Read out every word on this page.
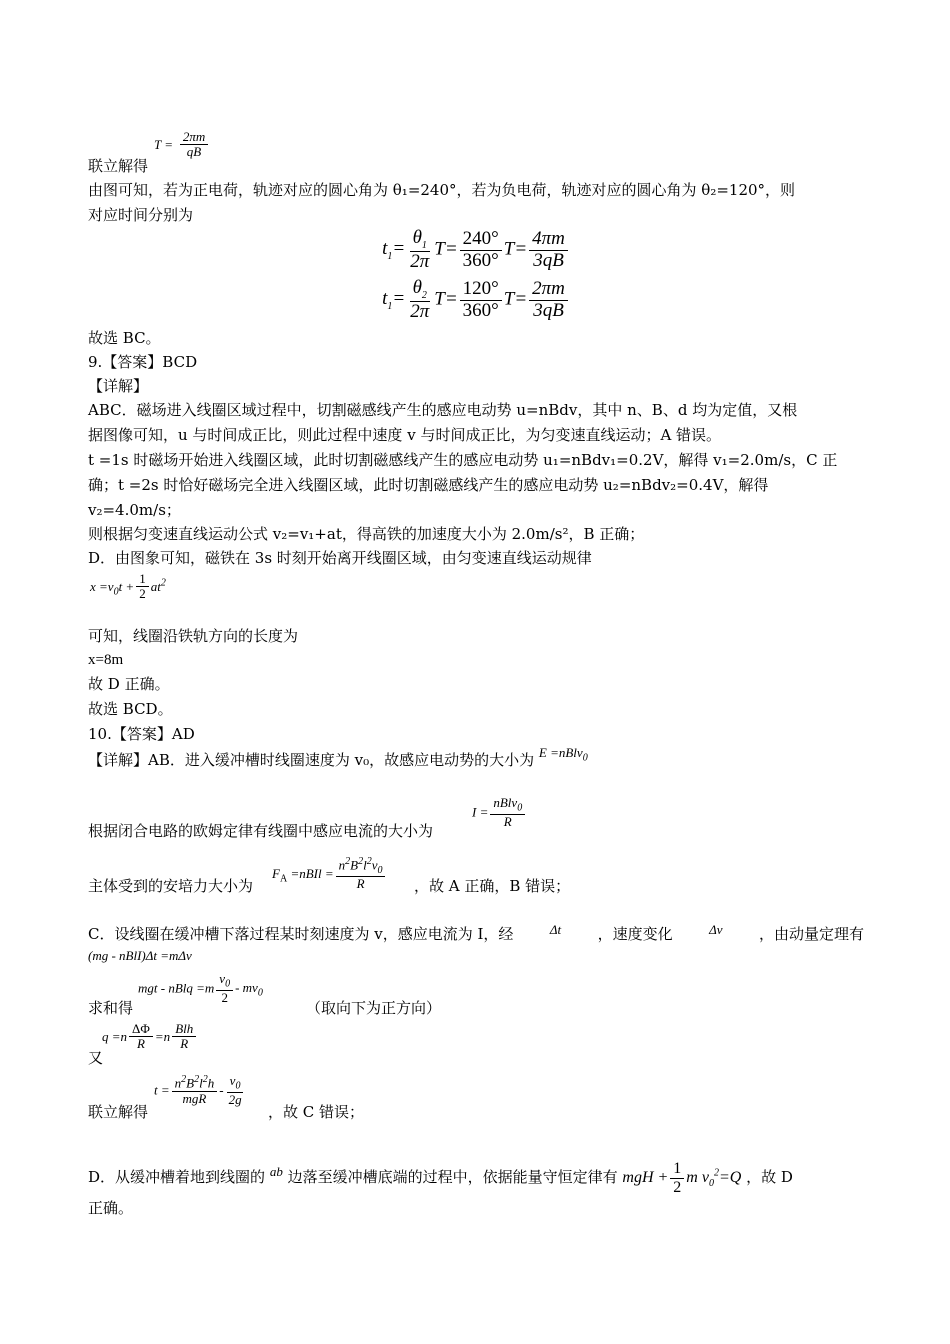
$T = \frac{2\pi m}{qB}$
联立解得
由图可知，若为正电荷，轨迹对应的圆心角为 θ₁=240°，若为负电荷，轨迹对应的圆心角为 θ₂=120°，则
对应时间分别为
$t_1= \frac{\theta_1}{2\pi} T= \frac{240^\circ}{360^\circ} T= \frac{4\pi m}{3qB}$
$t_1= \frac{\theta_2}{2\pi} T= \frac{120^\circ}{360^\circ} T= \frac{2\pi m}{3qB}$
故选 BC。
9.【答案】BCD
【详解】
ABC．磁场进入线圈区域过程中，切割磁感线产生的感应电动势 u=nBdv，其中 n、B、d 均为定值，又根
据图像可知，u 与时间成正比，则此过程中速度 v 与时间成正比，为匀变速直线运动；A 错误。
t =1s 时磁场开始进入线圈区域，此时切割磁感线产生的感应电动势 u₁=nBdv₁=0.2V，解得 v₁=2.0m/s，C 正
确；t =2s 时恰好磁场完全进入线圈区域，此时切割磁感线产生的感应电动势 u₂=nBdv₂=0.4V，解得
v₂=4.0m/s；
则根据匀变速直线运动公式 v₂=v₁+at，得高铁的加速度大小为 2.0m/s²，B 正确；
D．由图象可知，磁铁在 3s 时刻开始离开线圈区域，由匀变速直线运动规律
$x =v_0t + \frac{1}{2} at^2$
可知，线圈沿铁轨方向的长度为
x=8m
故 D 正确。
故选 BCD。
10.【答案】AD
【详解】AB．进入缓冲槽时线圈速度为 v₀，故感应电动势的大小为 E =nBlv$_0$
$I = \frac{nBlv_0}{R}$
根据闭合电路的欧姆定律有线圈中感应电流的大小为
$F_A$ =nBIl = $\frac{n^2B^2l^2v_0}{R}$
主体受到的安培力大小为	，故 A 正确，B 错误；
C．设线圈在缓冲槽下落过程某时刻速度为 v，感应电流为 I，经	Δt ，速度变化	Δv ，由动量定理有
(mg - nBlI)Δt =mΔv
mgt - nBlq $=m \frac{v_0}{2} - mv_0$
求和得	（取向下为正方向）
$q =n \frac{\Delta\Phi}{R} =n \frac{\text{Blh}}{R}$
又
$t = \frac{n^2B^2l^2h}{\text{mgR}} - \frac{v_0}{2g}$
联立解得	，故 C 错误；
D．从缓冲槽着地到线圈的 ab 边落至缓冲槽底端的过程中，依据能量守恒定律有 mgH + $\frac{1}{2}$ m $v_0^2=Q$ ，故 D
正确。
